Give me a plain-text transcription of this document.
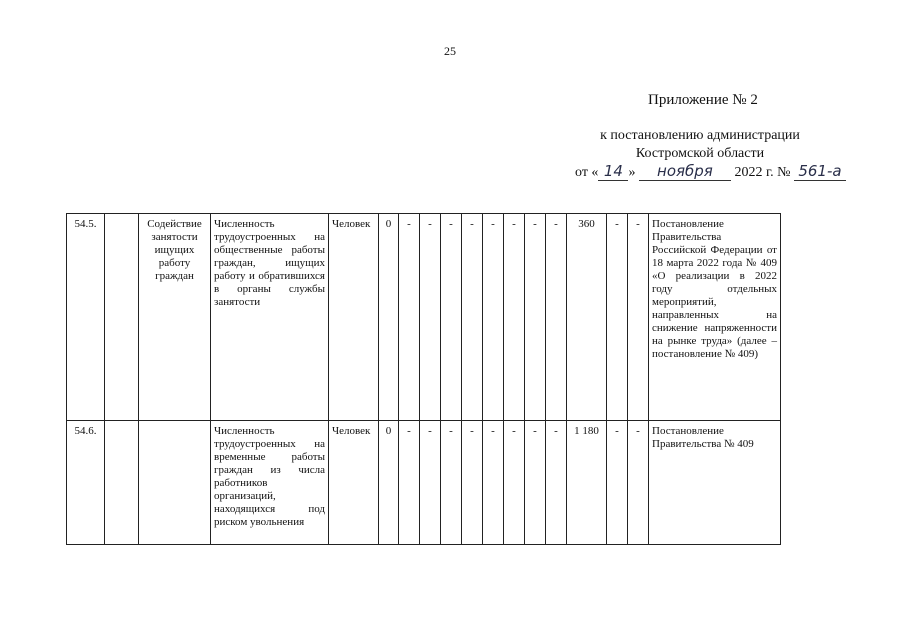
25
Приложение № 2
к постановлению администрации
Костромской области
от « 14 » ноября 2022 г. № 561-а
54.5.		Содействие занятости ищущих работу граждан	Численность трудоустроенных на общественные работы граждан, ищущих работу и обратившихся в органы службы занятости	Человек	0	-	-	-	-	-	-	-	-	360	-	-	Постановление Правительства Российской Федерации от 18 марта 2022 года № 409 «О реализации в 2022 году отдельных мероприятий, направленных на снижение напряженности на рынке труда» (далее – постановление № 409)
54.6.			Численность трудоустроенных на временные работы граждан из числа работников организаций, находящихся под риском увольнения	Человек	0	-	-	-	-	-	-	-	-	1 180	-	-	Постановление Правительства № 409
